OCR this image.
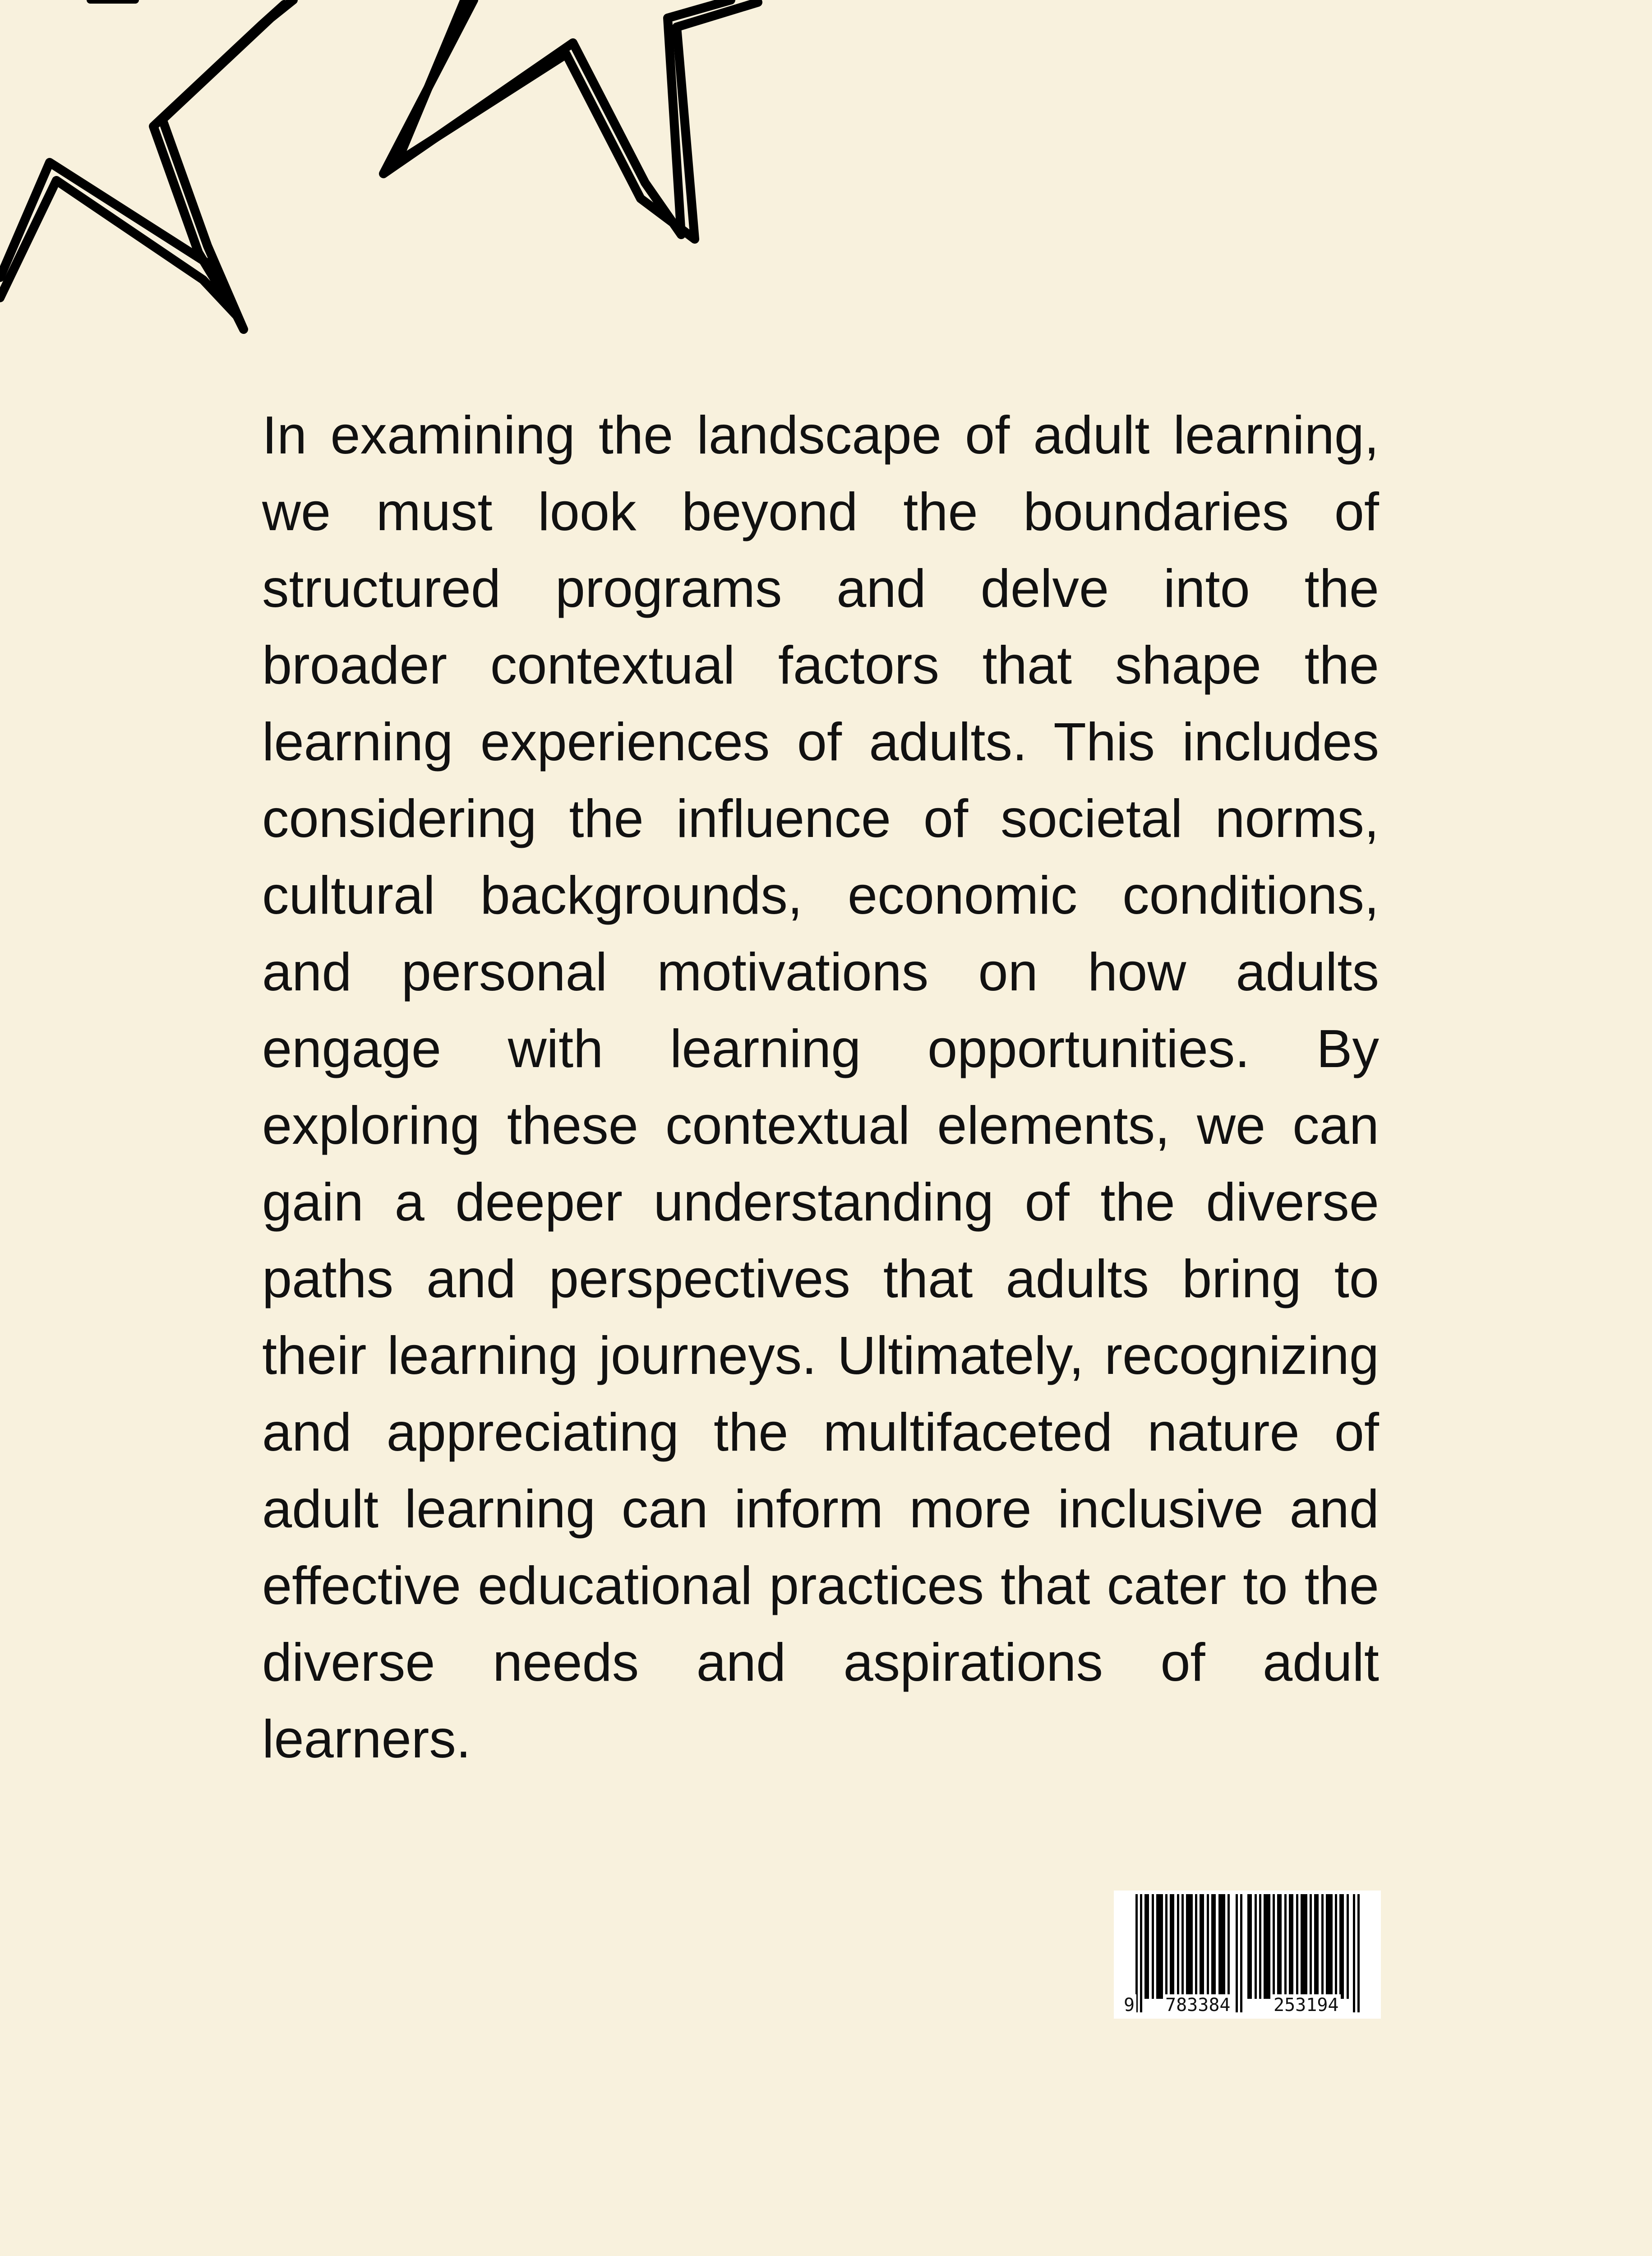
In examining the landscape of adult learning, we must look beyond the boundaries of structured programs and delve into the broader contextual factors that shape the learning experiences of adults. This includes considering the influence of societal norms, cultural backgrounds, economic conditions, and personal motivations on how adults engage with learning opportunities. By exploring these contextual elements, we can gain a deeper understanding of the diverse paths and perspectives that adults bring to their learning journeys. Ultimately, recognizing and appreciating the multifaceted nature of adult learning can inform more inclusive and effective educational practices that cater to the diverse needs and aspirations of adult learners.

9 783384 253194
